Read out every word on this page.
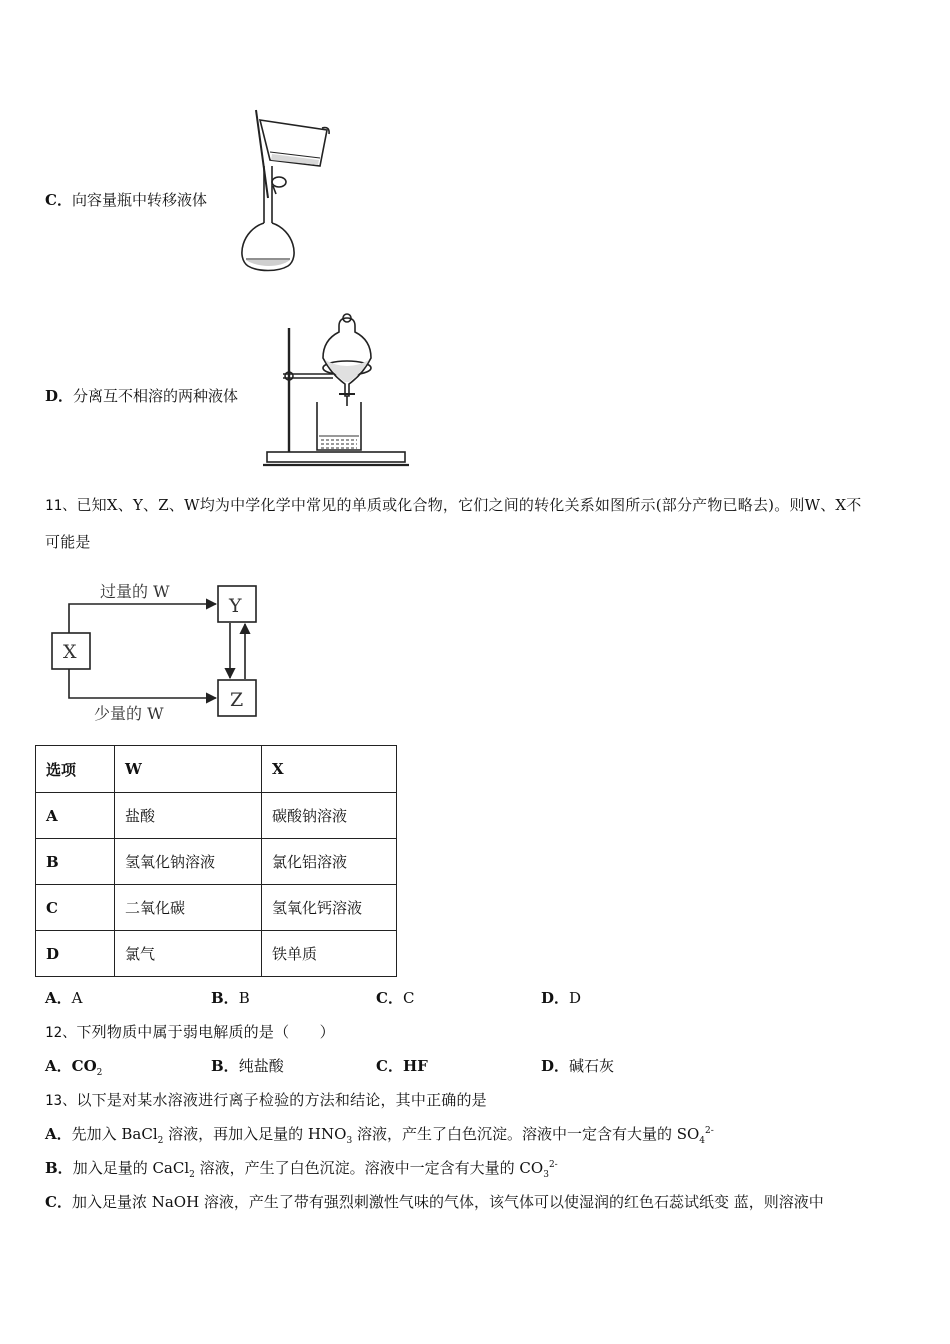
C．向容量瓶中转移液体
D．分离互不相溶的两种液体
11、已知X、Y、Z、W均为中学化学中常见的单质或化合物，它们之间的转化关系如图所示(部分产物已略去)。则W、X不
可能是
过量的 W
少量的 W
X
Y
Z
选项	W	X
A	盐酸	碳酸钠溶液
B	氢氧化钠溶液	氯化铝溶液
C	二氧化碳	氢氧化钙溶液
D	氯气	铁单质
A．A	B．B	C．C	D．D
12、下列物质中属于弱电解质的是（　　）
A．$CO_2$	B．纯盐酸	C．HF	D．碱石灰
13、以下是对某水溶液进行离子检验的方法和结论，其中正确的是
A．先加入 BaCl$_2$ 溶液，再加入足量的 $HNO_3$ 溶液，产生了白色沉淀。溶液中一定含有大量的 $SO_4^{2-}$
B．加入足量的 CaCl$_2$ 溶液，产生了白色沉淀。溶液中一定含有大量的 $CO_3^{2-}$
C．加入足量浓 NaOH 溶液，产生了带有强烈刺激性气味的气体，该气体可以使湿润的红色石蕊试纸变 蓝，则溶液中
